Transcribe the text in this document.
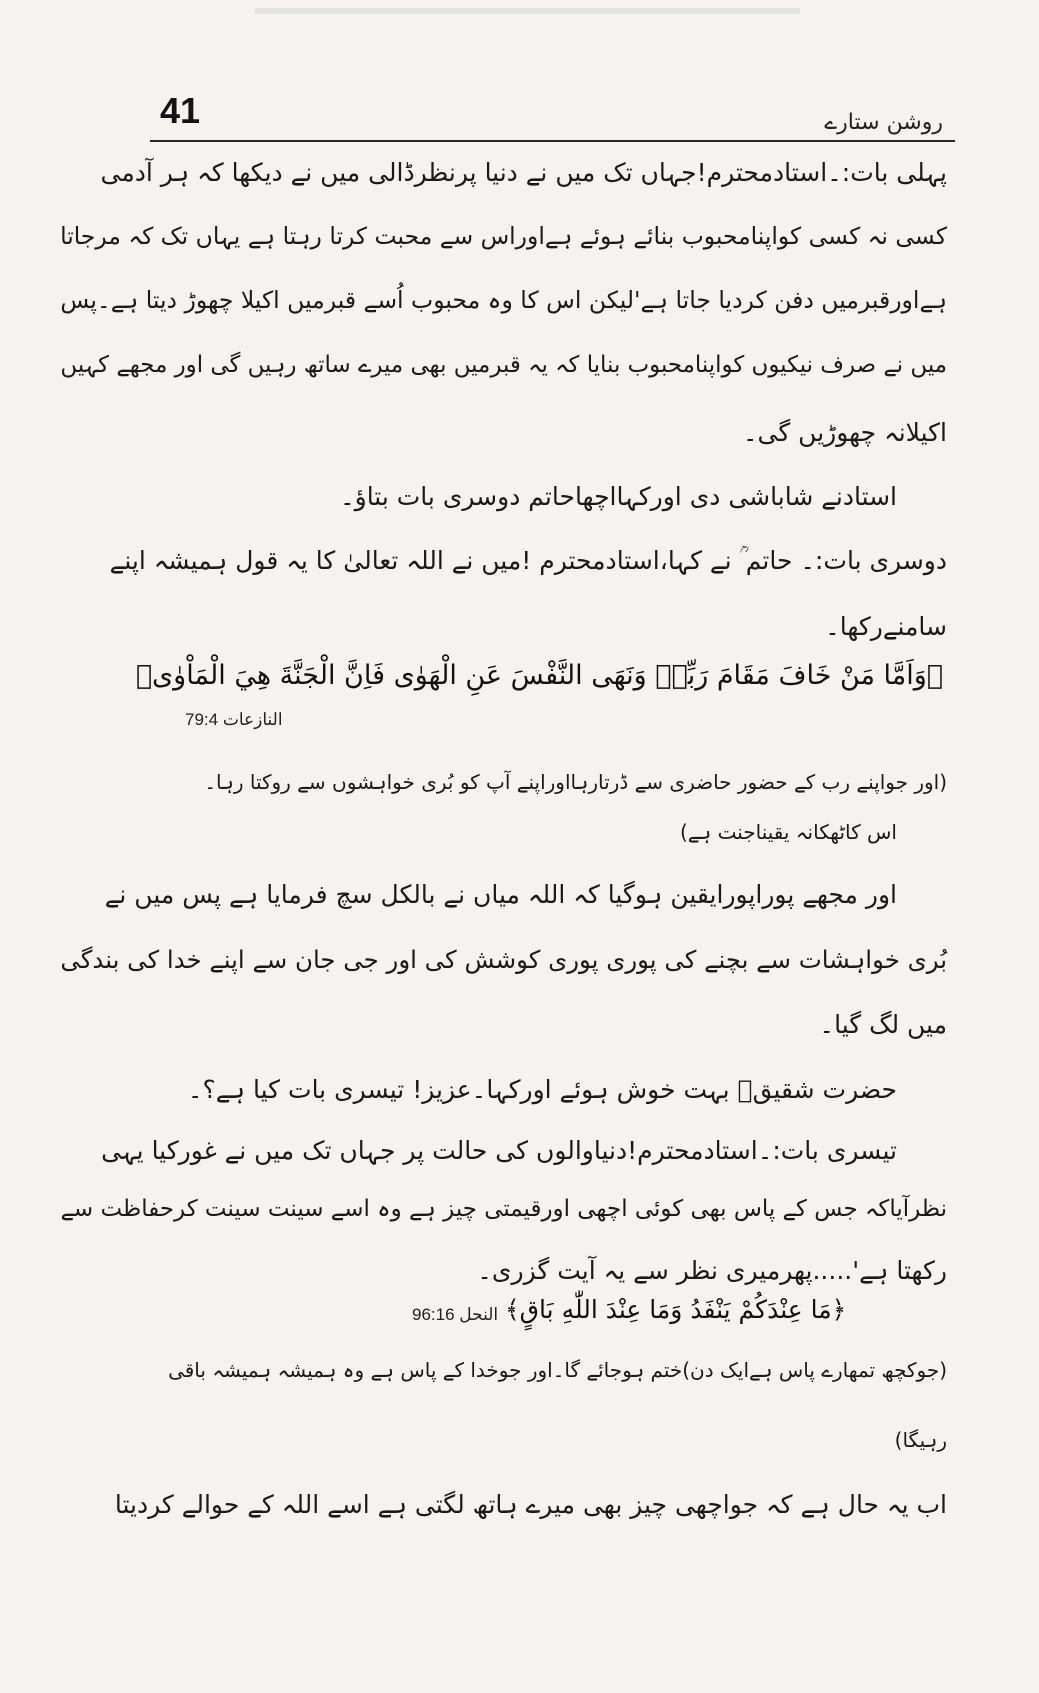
41	روشن ستارے
پہلی بات:۔استادمحترم!جہاں تک میں نے دنیا پرنظرڈالی میں نے دیکھا کہ ہر آدمی
کسی نہ کسی کواپنامحبوب بنائے ہوئے ہےاوراس سے محبت کرتا رہتا ہے یہاں تک کہ مرجاتا
ہےاورقبرمیں دفن کردیا جاتا ہے'لیکن اس کا وہ محبوب اُسے قبرمیں اکیلا چھوڑ دیتا ہے۔پس
میں نے صرف نیکیوں کواپنامحبوب بنایا کہ یہ قبرمیں بھی میرے ساتھ رہیں گی اور مجھے کہیں
اکیلانہ چھوڑیں گی۔
استادنے شاباشی دی اورکہااچھاحاتم دوسری بات بتاؤ۔
دوسری بات:۔ حاتم ؒ نے کہا،استادمحترم !میں نے اللہ تعالیٰ کا یہ قول ہمیشہ اپنے
سامنےرکھا۔
﴿وَاَمَّا مَنْ خَافَ مَقَامَ رَبِّهٖ وَنَهَى النَّفْسَ عَنِ الْهَوٰى فَاِنَّ الْجَنَّةَ هِيَ الْمَاْوٰى﴾
النازعات 79:4
(اور جواپنے رب کے حضور حاضری سے ڈرتارہااوراپنے آپ کو بُری خواہشوں سے روکتا رہا۔
اس کاٹھکانہ یقیناجنت ہے)
اور مجھے پوراپورایقین ہوگیا کہ اللہ میاں نے بالکل سچ فرمایا ہے پس میں نے
بُری خواہشات سے بچنے کی پوری پوری کوشش کی اور جی جان سے اپنے خدا کی بندگی
میں لگ گیا۔
حضرت شقیقؒ بہت خوش ہوئے اورکہا۔عزیز! تیسری بات کیا ہے؟۔
تیسری بات:۔استادمحترم!دنیاوالوں کی حالت پر جہاں تک میں نے غورکیا یہی
نظرآیاکہ جس کے پاس بھی کوئی اچھی اورقیمتی چیز ہے وہ اسے سینت سینت کرحفاظت سے
رکھتا ہے'.....پھرمیری نظر سے یہ آیت گزری۔
﴿مَا عِنْدَكُمْ يَنْفَدُ وَمَا عِنْدَ اللّٰهِ بَاقٍ﴾
النحل 96:16
(جوکچھ تمھارے پاس ہےایک دن)ختم ہوجائے گا۔اور جوخدا کے پاس ہے وہ ہمیشہ ہمیشہ باقی
رہیگا)
اب یہ حال ہے کہ جواچھی چیز بھی میرے ہاتھ لگتی ہے اسے اللہ کے حوالے کردیتا
